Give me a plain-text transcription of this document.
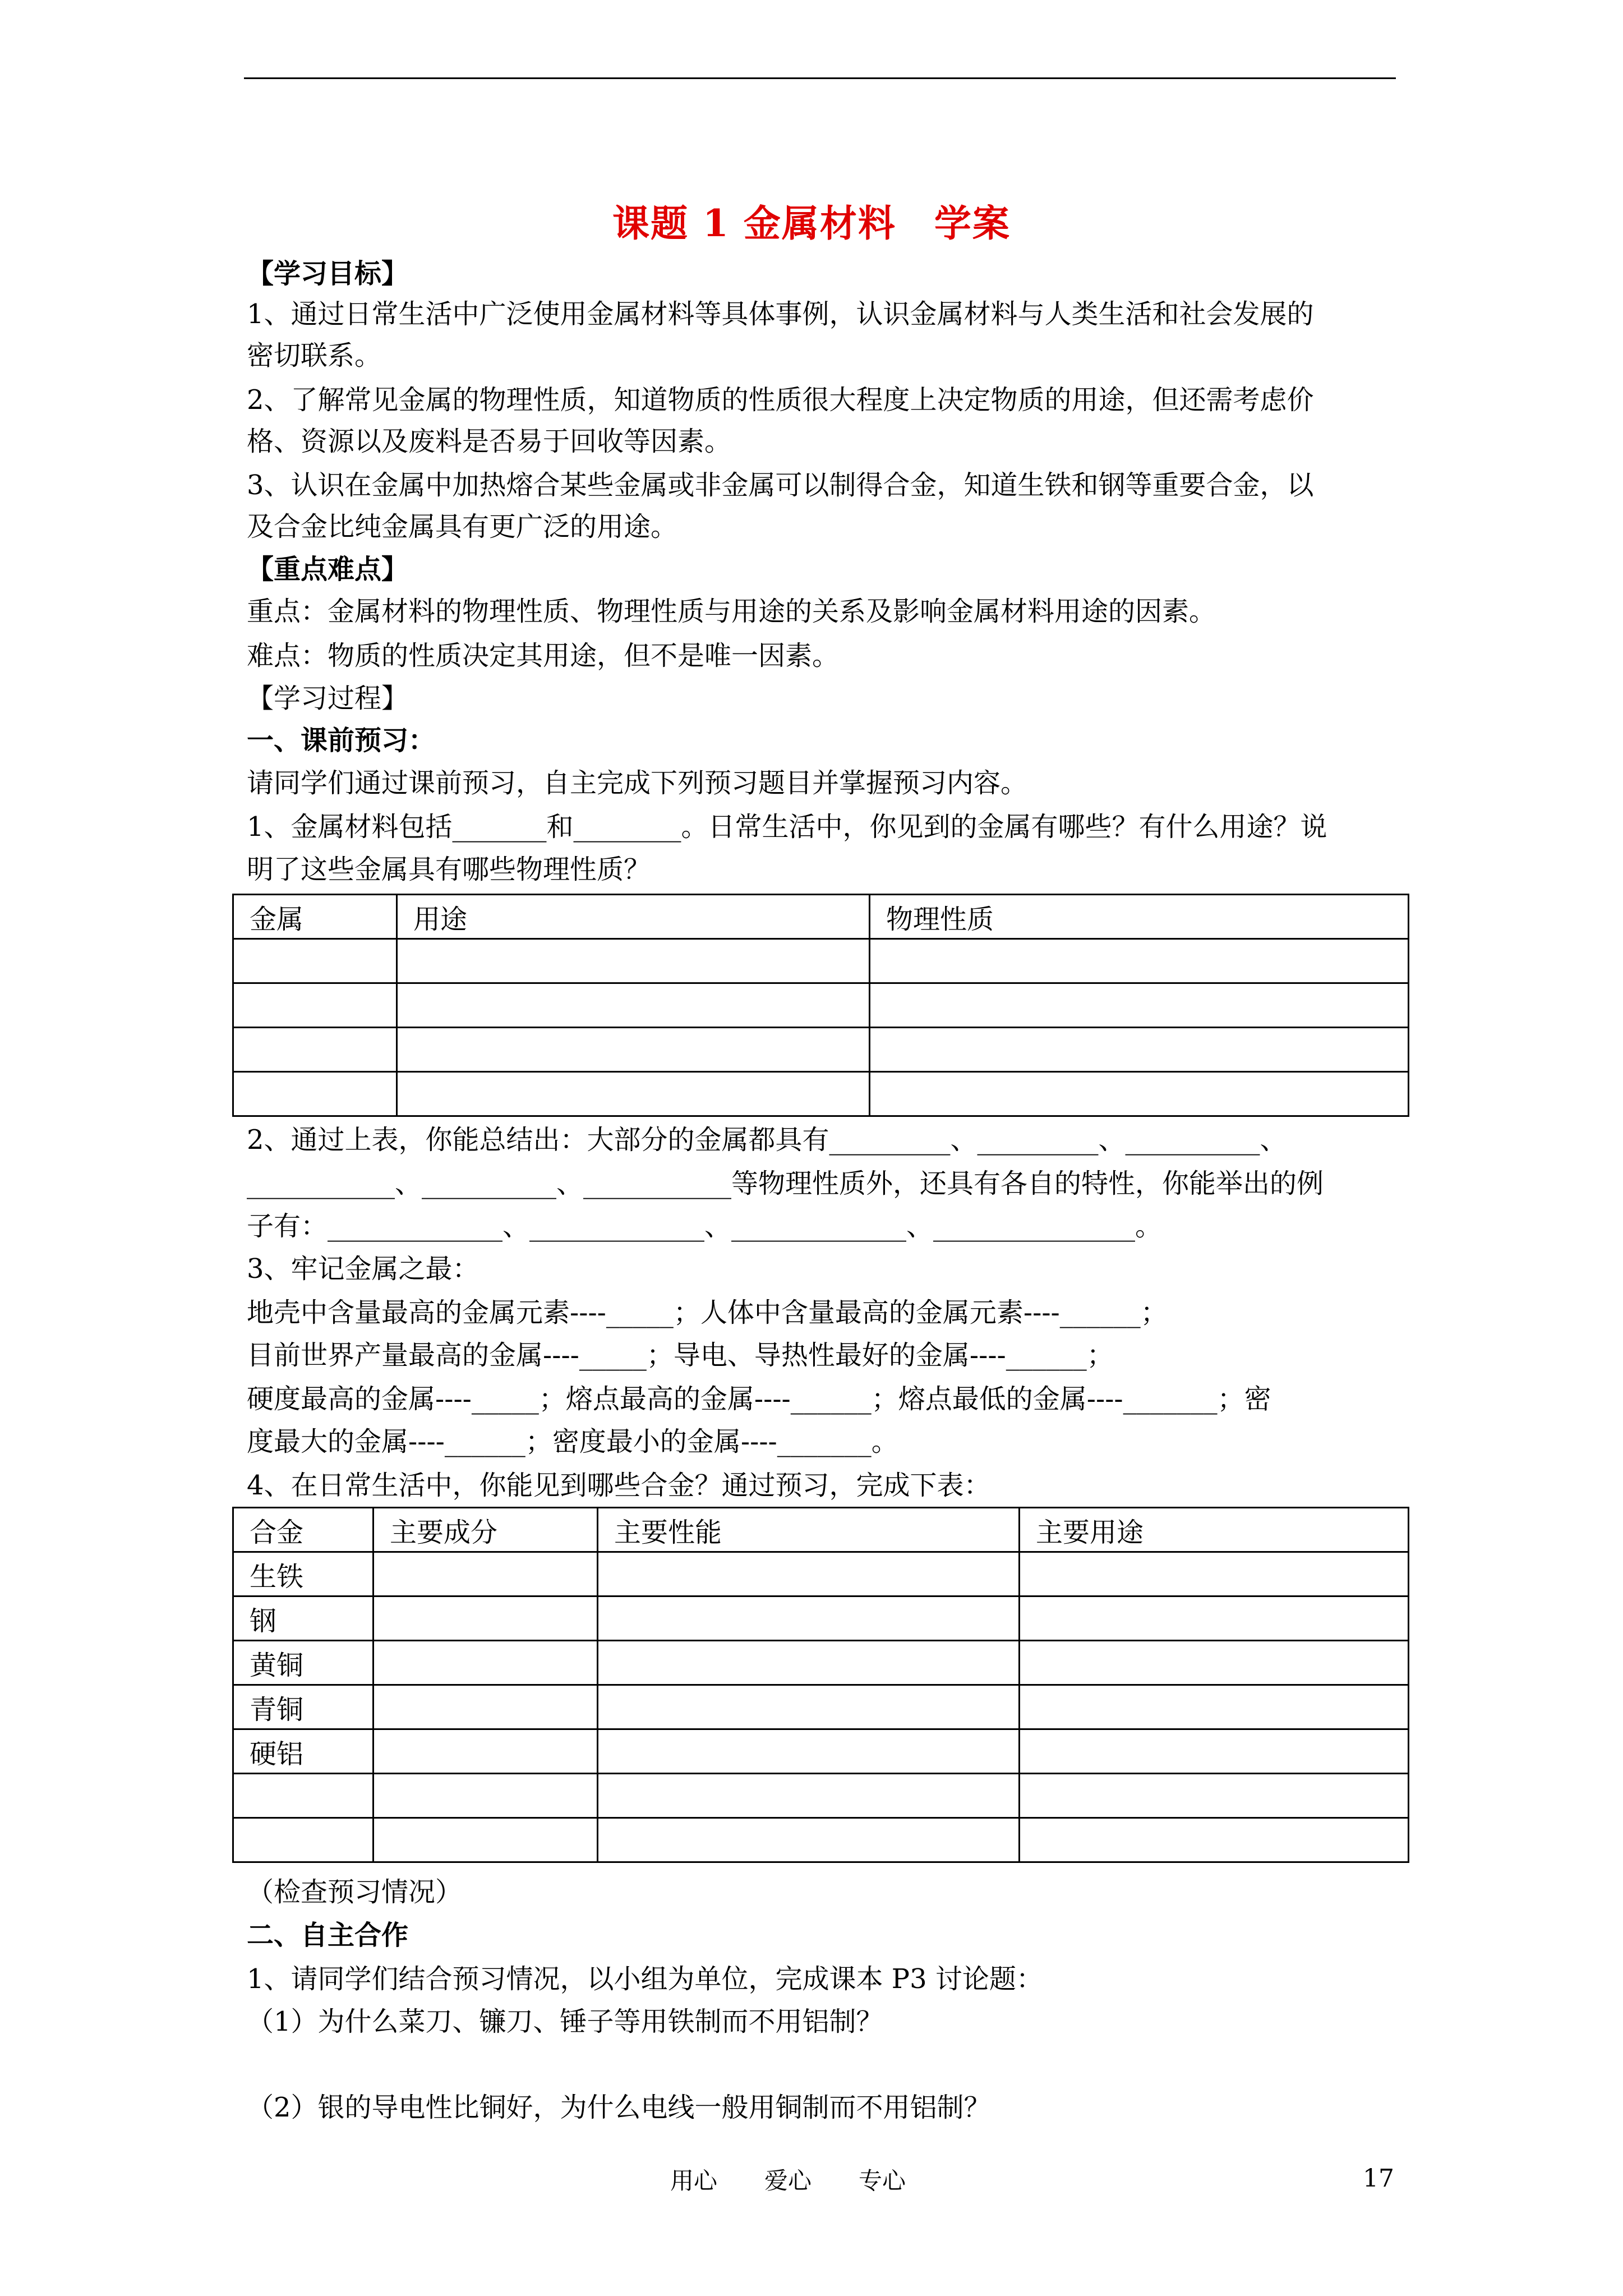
课题 1 金属材料　学案
【学习目标】
1、通过日常生活中广泛使用金属材料等具体事例，认识金属材料与人类生活和社会发展的
密切联系。
2、了解常见金属的物理性质，知道物质的性质很大程度上决定物质的用途，但还需考虑价
格、资源以及废料是否易于回收等因素。
3、认识在金属中加热熔合某些金属或非金属可以制得合金，知道生铁和钢等重要合金，以
及合金比纯金属具有更广泛的用途。
【重点难点】
重点：金属材料的物理性质、物理性质与用途的关系及影响金属材料用途的因素。
难点：物质的性质决定其用途，但不是唯一因素。
【学习过程】
一、课前预习：
请同学们通过课前预习，自主完成下列预习题目并掌握预习内容。
1、金属材料包括_______和________。日常生活中，你见到的金属有哪些？有什么用途？说
明了这些金属具有哪些物理性质？
金属	用途	物理性质

2、通过上表，你能总结出：大部分的金属都具有_________、_________、__________、
___________、__________、___________等物理性质外，还具有各自的特性，你能举出的例
子有：_____________、_____________、_____________、_______________。
3、牢记金属之最：
地壳中含量最高的金属元素----_____；人体中含量最高的金属元素----______；
目前世界产量最高的金属----_____；导电、导热性最好的金属----______；
硬度最高的金属----_____；熔点最高的金属----______；熔点最低的金属----_______；密
度最大的金属----______；密度最小的金属----_______。
4、在日常生活中，你能见到哪些合金？通过预习，完成下表：
合金	主要成分	主要性能	主要用途
生铁			
钢			
黄铜			
青铜			
硬铝			

（检查预习情况）
二、自主合作
1、请同学们结合预习情况，以小组为单位，完成课本 P3 讨论题：
（1）为什么菜刀、镰刀、锤子等用铁制而不用铝制？
（2）银的导电性比铜好，为什么电线一般用铜制而不用铝制？
用心　　爱心　　专心	17
